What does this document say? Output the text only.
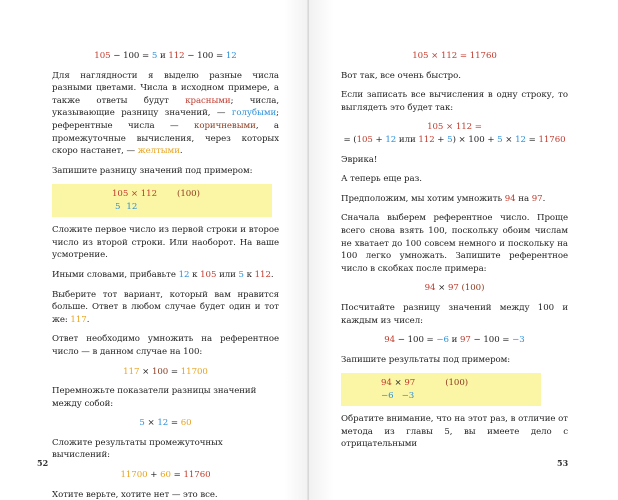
105 − 100 = 5 и 112 − 100 = 12

Для наглядности я выделю разные числа разными цветами. Числа в исходном примере, а также ответы будут красными; числа, указывающие разницу значений, — голубыми; референтные числа — коричневыми, а промежуточные вычисления, через которых скоро настанет, — желтыми.

Запишите разницу значений под примером:

105 × 112 (100)
5 12

Сложите первое число из первой строки и второе число из второй строки. Или наоборот. На ваше усмотрение.

Иными словами, прибавьте 12 к 105 или 5 к 112.

Выберите тот вариант, который вам нравится больше. Ответ в любом случае будет один и тот же: 117.

Ответ необходимо умножить на референтное число — в данном случае на 100:

117 × 100 = 11700

Перемножьте показатели разницы значений между собой:

5 × 12 = 60

Сложите результаты промежуточных вычислений:

11700 + 60 = 11760

Хотите верьте, хотите нет — это все.

52
105 × 112 = 11760

Вот так, все очень быстро.

Если записать все вычисления в одну строку, то выглядеть это будет так:

105 × 112 =
= (105 + 12 или 112 + 5) × 100 + 5 × 12 = 11760

Эврика!

А теперь еще раз.

Предположим, мы хотим умножить 94 на 97.

Сначала выберем референтное число. Проще всего снова взять 100, поскольку обоим числам не хватает до 100 совсем немного и поскольку на 100 легко умножать. Запишите референтное число в скобках после примера:

94 × 97 (100)

Посчитайте разницу значений между 100 и каждым из чисел:

94 − 100 = −6 и 97 − 100 = −3

Запишите результаты под примером:

94 × 97	(100)
−6 −3

Обратите внимание, что на этот раз, в отличие от метода из главы 5, вы имеете дело с отрицательными

53
